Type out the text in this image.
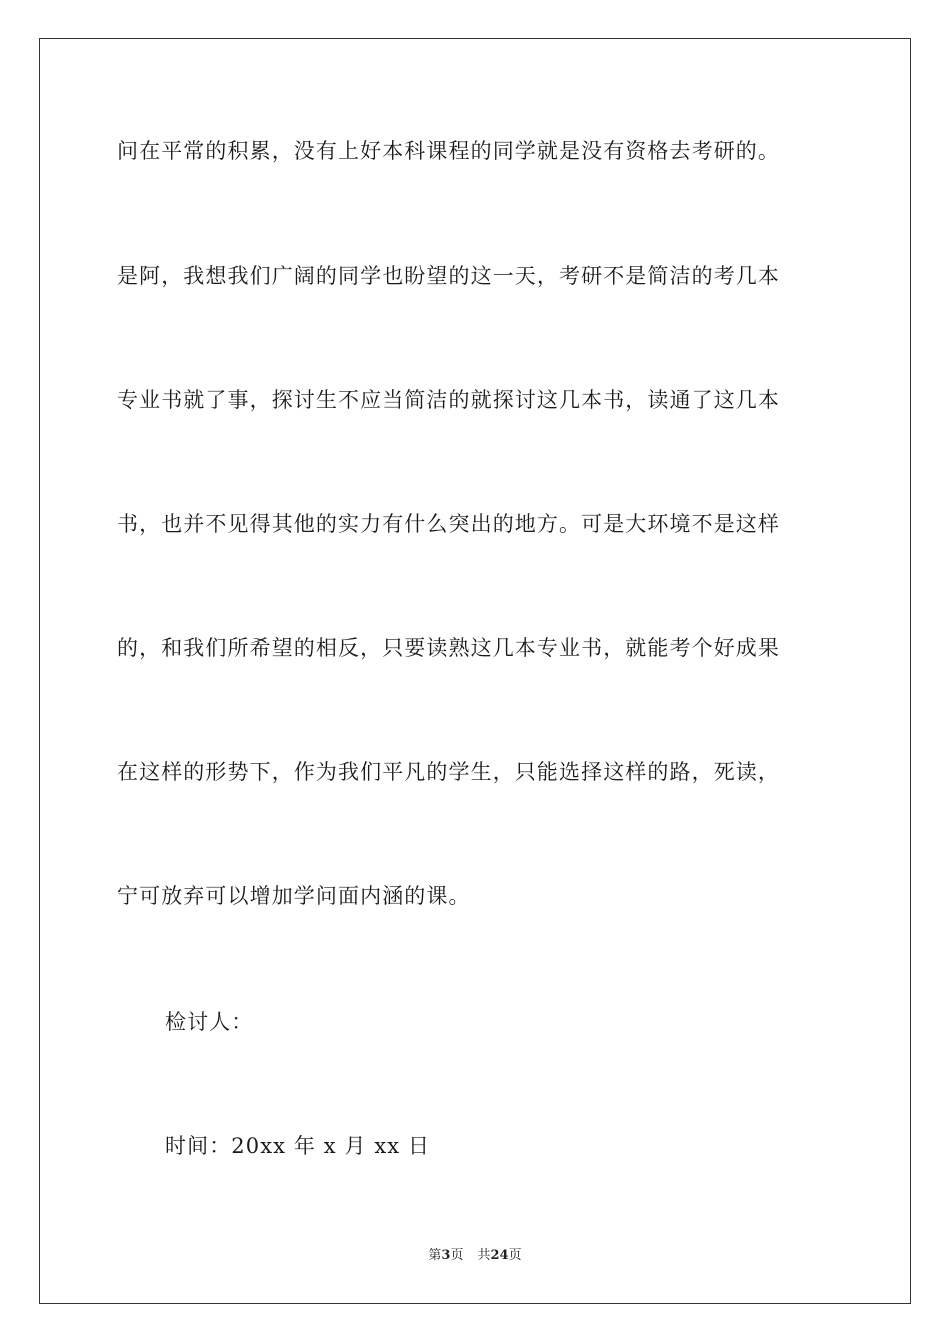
问在平常的积累，没有上好本科课程的同学就是没有资格去考研的。
是阿，我想我们广阔的同学也盼望的这一天，考研不是简洁的考几本
专业书就了事，探讨生不应当简洁的就探讨这几本书，读通了这几本
书，也并不见得其他的实力有什么突出的地方。可是大环境不是这样
的，和我们所希望的相反，只要读熟这几本专业书，就能考个好成果
在这样的形势下，作为我们平凡的学生，只能选择这样的路，死读，
宁可放弃可以增加学问面内涵的课。
检讨人：
时间：20xx 年 x 月 xx 日
第3页 共24页
